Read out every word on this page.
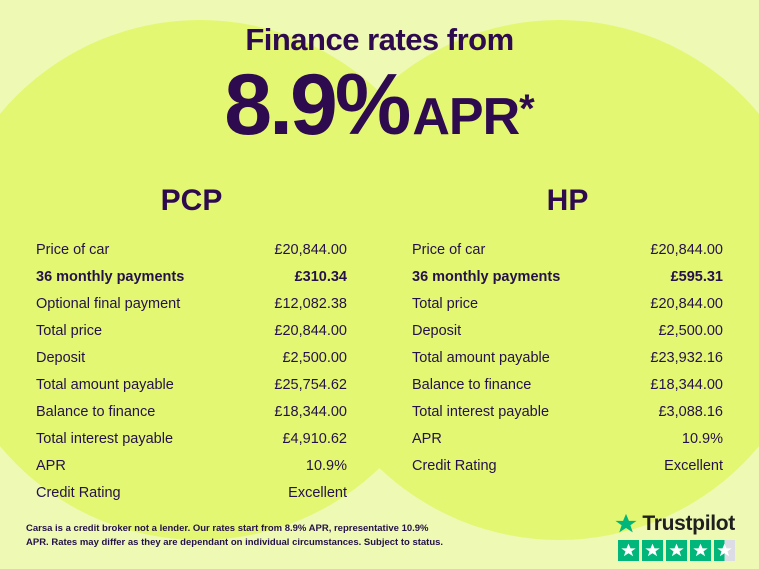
Finance rates from
8.9% APR *
PCP
Price of car	£20,844.00
36 monthly payments	£310.34
Optional final payment	£12,082.38
Total price	£20,844.00
Deposit	£2,500.00
Total amount payable	£25,754.62
Balance to finance	£18,344.00
Total interest payable	£4,910.62
APR	10.9%
Credit Rating	Excellent
HP
Price of car	£20,844.00
36 monthly payments	£595.31
Total price	£20,844.00
Deposit	£2,500.00
Total amount payable	£23,932.16
Balance to finance	£18,344.00
Total interest payable	£3,088.16
APR	10.9%
Credit Rating	Excellent
Carsa is a credit broker not a lender. Our rates start from 8.9% APR, representative 10.9% APR. Rates may differ as they are dependant on individual circumstances. Subject to status.
Trustpilot
